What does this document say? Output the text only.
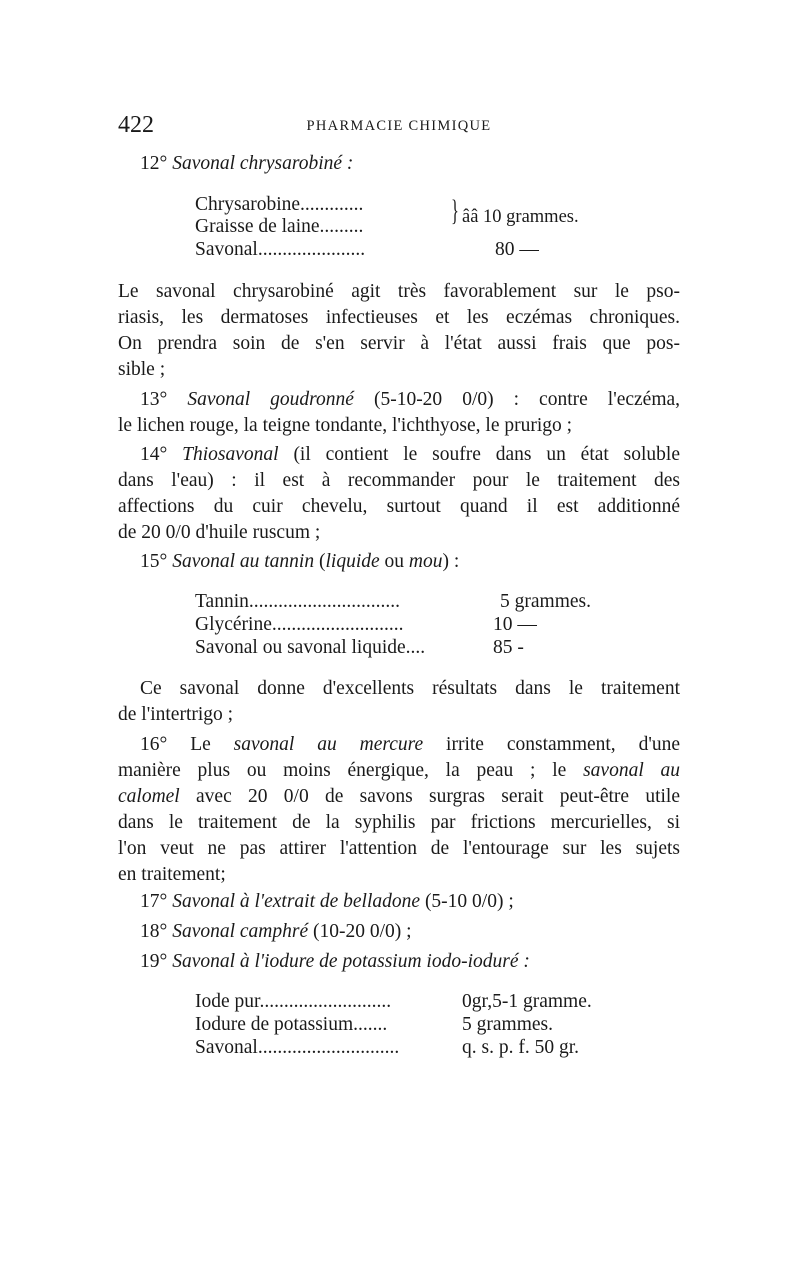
422	PHARMACIE CHIMIQUE
12° Savonal chrysarobiné :
Chrysarobine.............
Graisse de laine.........	} ââ 10 grammes.
Savonal......................	80 —
Le savonal chrysarobiné agit très favorablement sur le pso-
riasis, les dermatoses infectieuses et les eczémas chroniques.
On prendra soin de s'en servir à l'état aussi frais que pos-
sible ;
13° Savonal goudronné (5-10-20 0/0) : contre l'eczéma,
le lichen rouge, la teigne tondante, l'ichthyose, le prurigo ;
14° Thiosavonal (il contient le soufre dans un état soluble
dans l'eau) : il est à recommander pour le traitement des
affections du cuir chevelu, surtout quand il est additionné
de 20 0/0 d'huile ruscum ;
15° Savonal au tannin (liquide ou mou) :
Tannin...............................	5 grammes.
Glycérine...........................	10 —
Savonal ou savonal liquide....	85 -
Ce savonal donne d'excellents résultats dans le traitement
de l'intertrigo ;
16° Le savonal au mercure irrite constamment, d'une
manière plus ou moins énergique, la peau ; le savonal au
calomel avec 20 0/0 de savons surgras serait peut-être utile
dans le traitement de la syphilis par frictions mercurielles, si
l'on veut ne pas attirer l'attention de l'entourage sur les sujets
en traitement;
17° Savonal à l'extrait de belladone (5-10 0/0) ;
18° Savonal camphré (10-20 0/0) ;
19° Savonal à l'iodure de potassium iodo-ioduré :
Iode pur...........................	0gr,5-1 gramme.
Iodure de potassium.......	5 grammes.
Savonal.............................	q. s. p. f. 50 gr.
